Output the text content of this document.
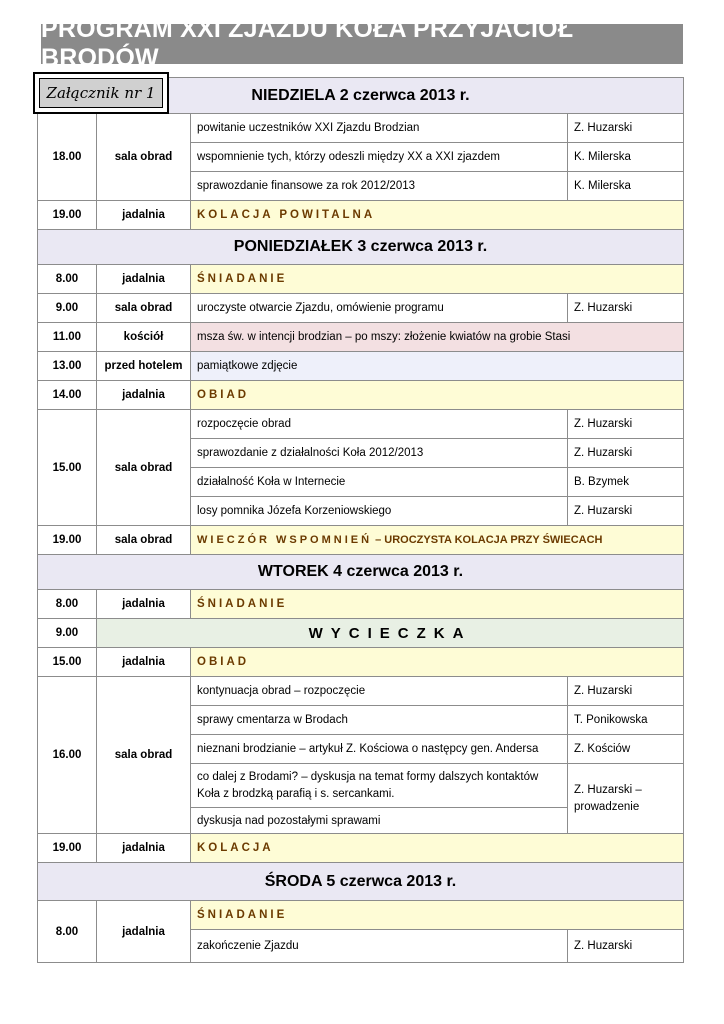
PROGRAM XXI ZJAZDU KOŁA PRZYJACIÓŁ BRODÓW
NIEDZIELA 2 czerwca 2013 r.			
18.00	sala obrad	powitanie uczestników XXI Zjazdu Brodzian	Z. Huzarski
		wspomnienie tych, którzy odeszli między XX a XXI zjazdem	K. Milerska
		sprawozdanie finansowe za rok 2012/2013	K. Milerska
19.00	jadalnia	KOLACJA POWITALNA	
PONIEDZIAŁEK 3 czerwca 2013 r.			
8.00	jadalnia	ŚNIADANIE	
9.00	sala obrad	uroczyste otwarcie Zjazdu, omówienie programu	Z. Huzarski
11.00	kościół	msza św. w intencji brodzian – po mszy: złożenie kwiatów na grobie Stasi	
13.00	przed hotelem	pamiątkowe zdjęcie	
14.00	jadalnia	OBIAD	
15.00	sala obrad	rozpoczęcie obrad	Z. Huzarski
		sprawozdanie z działalności Koła 2012/2013	Z. Huzarski
		działalność Koła w Internecie	B. Bzymek
		losy pomnika Józefa Korzeniowskiego	Z. Huzarski
19.00	sala obrad	WIECZÓR WSPOMNIEŃ – UROCZYSTA KOLACJA PRZY ŚWIECACH	
WTOREK 4 czerwca 2013 r.			
8.00	jadalnia	ŚNIADANIE	
9.00	WYCIECZKA		
15.00	jadalnia	OBIAD	
16.00	sala obrad	kontynuacja obrad – rozpoczęcie	Z. Huzarski
		sprawy cmentarza w Brodach	T. Ponikowska
		nieznani brodzianie – artykuł Z. Kościowa o następcy gen. Andersa	Z. Kościów
		co dalej z Brodami? – dyskusja na temat formy dalszych kontaktów Koła z brodzką parafią i s. sercankami.	Z. Huzarski – prowadzenie
		dyskusja nad pozostałymi sprawami	
19.00	jadalnia	KOLACJA	
ŚRODA 5 czerwca 2013 r.			
8.00	jadalnia	ŚNIADANIE	
		zakończenie Zjazdu	Z. Huzarski
Załącznik nr 1
